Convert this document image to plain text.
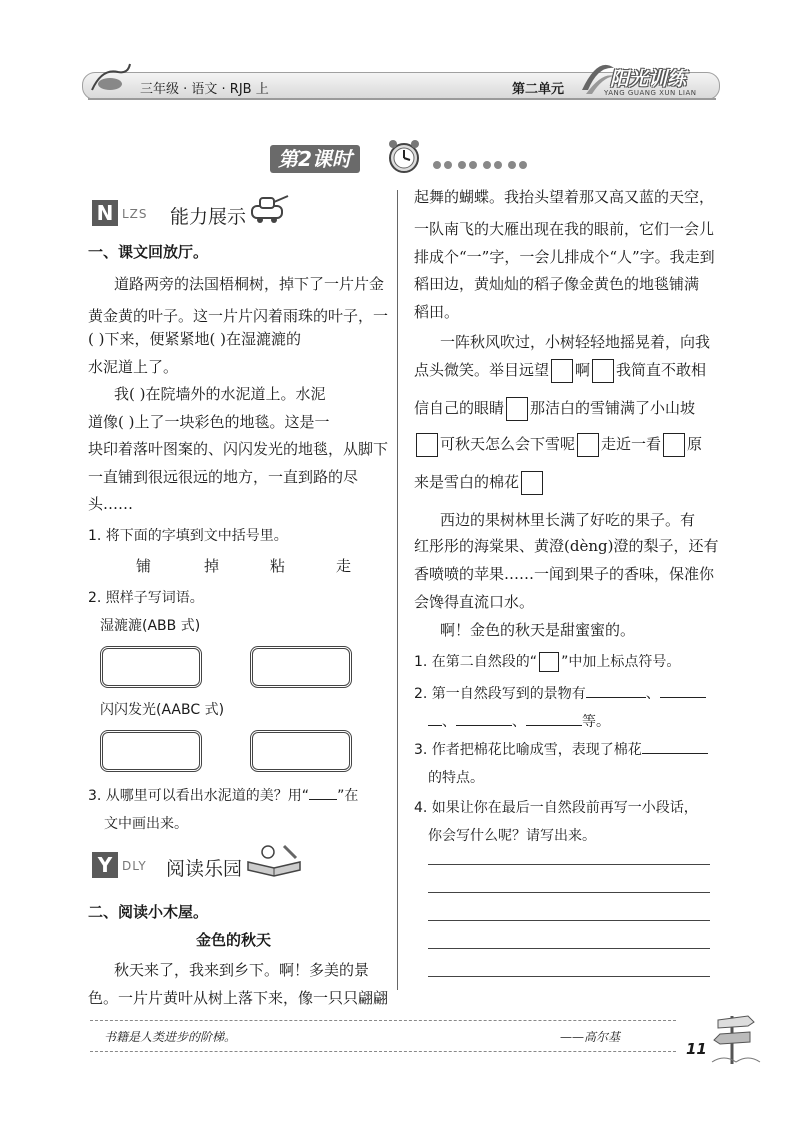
三年级 · 语文 · RJB 上	第二单元 阳光训练
YANG GUANG XUN LIAN
第2课时
N LZS 能力展示
一、课文回放厅。
道路两旁的法国梧桐树，掉下了一片片金
黄金黄的叶子。这一片片闪着雨珠的叶子，一
( )下来，便紧紧地( )在湿漉漉的
水泥道上了。
我( )在院墙外的水泥道上。水泥
道像( )上了一块彩色的地毯。这是一
块印着落叶图案的、闪闪发光的地毯，从脚下
一直铺到很远很远的地方，一直到路的尽
头……
1. 将下面的字填到文中括号里。
铺	掉	粘	走
2. 照样子写词语。
湿漉漉(ABB 式)
闪闪发光(AABC 式)
3. 从哪里可以看出水泥道的美？用“ ”在
文中画出来。
Y DLY 阅读乐园
二、阅读小木屋。
金色的秋天
秋天来了，我来到乡下。啊！多美的景
色。一片片黄叶从树上落下来，像一只只翩翩
起舞的蝴蝶。我抬头望着那又高又蓝的天空，
一队南飞的大雁出现在我的眼前，它们一会儿
排成个“一”字，一会儿排成个“人”字。我走到
稻田边，黄灿灿的稻子像金黄色的地毯铺满
稻田。
一阵秋风吹过，小树轻轻地摇晃着，向我
点头微笑。举目远望 啊 我简直不敢相
信自己的眼睛 那洁白的雪铺满了小山坡
可秋天怎么会下雪呢 走近一看 原
来是雪白的棉花
西边的果树林里长满了好吃的果子。有
红彤彤的海棠果、黄澄(dèng)澄的梨子，还有
香喷喷的苹果……一闻到果子的香味，保准你
会馋得直流口水。
啊！金色的秋天是甜蜜蜜的。
1. 在第二自然段的“ ”中加上标点符号。
2. 第一自然段写到的景物有	、
、	、	等。
3. 作者把棉花比喻成雪，表现了棉花
的特点。
4. 如果让你在最后一自然段前再写一小段话，
你会写什么呢？请写出来。
书籍是人类进步的阶梯。	——高尔基
11
